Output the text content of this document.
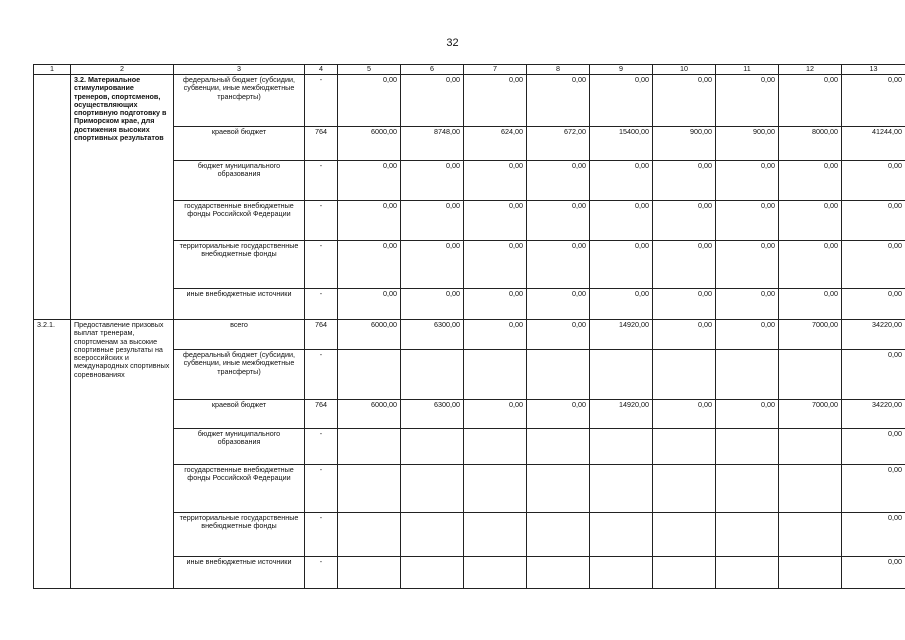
32
1	2	3	4	5	6	7	8	9	10	11	12	13
	3.2. Материальное стимулирование тренеров, спортсменов, осуществляющих спортивную подготовку в Приморском крае, для достижения высоких спортивных результатов	федеральный бюджет (субсидии, субвенции, иные межбюджетные трансферты)	-	0,00	0,00	0,00	0,00	0,00	0,00	0,00	0,00	0,00
		краевой бюджет	764	6000,00	8748,00	624,00	672,00	15400,00	900,00	900,00	8000,00	41244,00
		бюджет муниципального образования	-	0,00	0,00	0,00	0,00	0,00	0,00	0,00	0,00	0,00
		государственные внебюджетные фонды Российской Федерации	-	0,00	0,00	0,00	0,00	0,00	0,00	0,00	0,00	0,00
		территориальные государственные внебюджетные фонды	-	0,00	0,00	0,00	0,00	0,00	0,00	0,00	0,00	0,00
		иные внебюджетные источники	-	0,00	0,00	0,00	0,00	0,00	0,00	0,00	0,00	0,00
3.2.1.	Предоставление призовых выплат тренерам, спортсменам за высокие спортивные результаты на всероссийских и международных спортивных соревнованиях	всего	764	6000,00	6300,00	0,00	0,00	14920,00	0,00	0,00	7000,00	34220,00
		федеральный бюджет (субсидии, субвенции, иные межбюджетные трансферты)	-									0,00
		краевой бюджет	764	6000,00	6300,00	0,00	0,00	14920,00	0,00	0,00	7000,00	34220,00
		бюджет муниципального образования	-									0,00
		государственные внебюджетные фонды Российской Федерации	-									0,00
		территориальные государственные внебюджетные фонды	-									0,00
		иные внебюджетные источники	-									0,00
